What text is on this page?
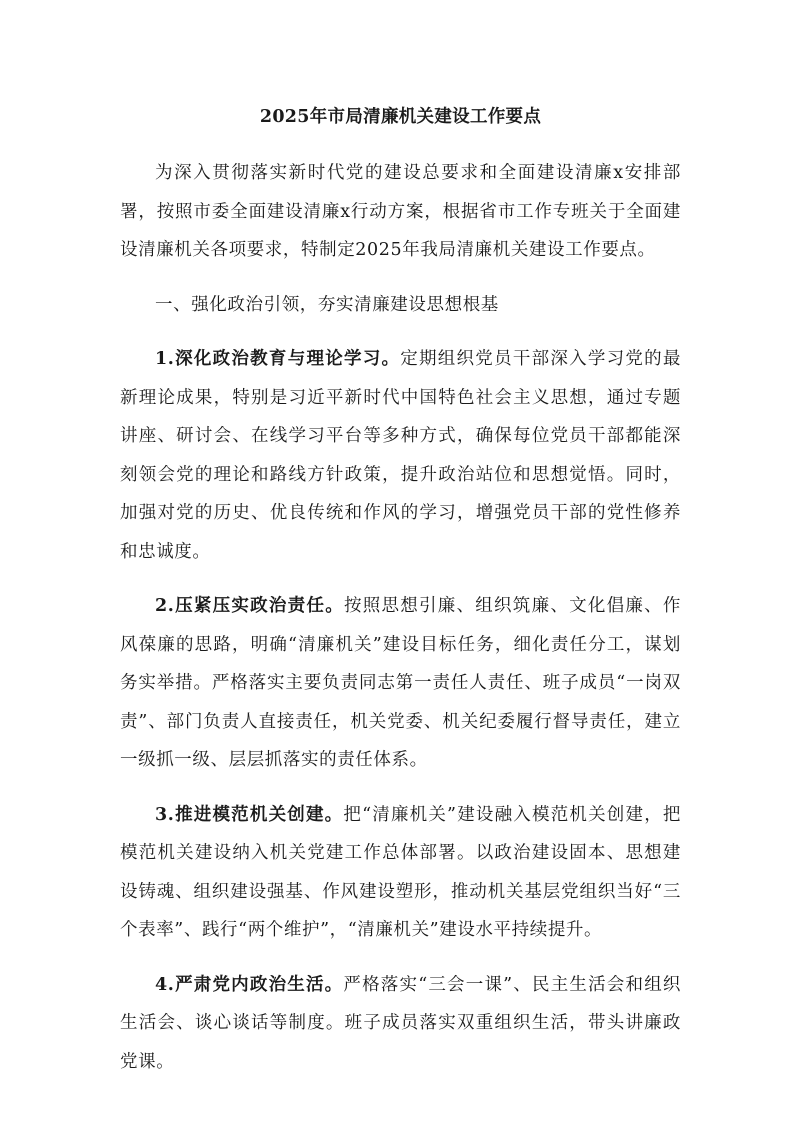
2025年市局清廉机关建设工作要点

为深入贯彻落实新时代党的建设总要求和全面建设清廉x安排部署，按照市委全面建设清廉x行动方案，根据省市工作专班关于全面建设清廉机关各项要求，特制定2025年我局清廉机关建设工作要点。

一、强化政治引领，夯实清廉建设思想根基

1.深化政治教育与理论学习。定期组织党员干部深入学习党的最新理论成果，特别是习近平新时代中国特色社会主义思想，通过专题讲座、研讨会、在线学习平台等多种方式，确保每位党员干部都能深刻领会党的理论和路线方针政策，提升政治站位和思想觉悟。同时，加强对党的历史、优良传统和作风的学习，增强党员干部的党性修养和忠诚度。

2.压紧压实政治责任。按照思想引廉、组织筑廉、文化倡廉、作风葆廉的思路，明确“清廉机关”建设目标任务，细化责任分工，谋划务实举措。严格落实主要负责同志第一责任人责任、班子成员“一岗双责”、部门负责人直接责任，机关党委、机关纪委履行督导责任，建立一级抓一级、层层抓落实的责任体系。

3.推进模范机关创建。把“清廉机关”建设融入模范机关创建，把模范机关建设纳入机关党建工作总体部署。以政治建设固本、思想建设铸魂、组织建设强基、作风建设塑形，推动机关基层党组织当好“三个表率”、践行“两个维护”，“清廉机关”建设水平持续提升。

4.严肃党内政治生活。严格落实“三会一课”、民主生活会和组织生活会、谈心谈话等制度。班子成员落实双重组织生活，带头讲廉政党课。
